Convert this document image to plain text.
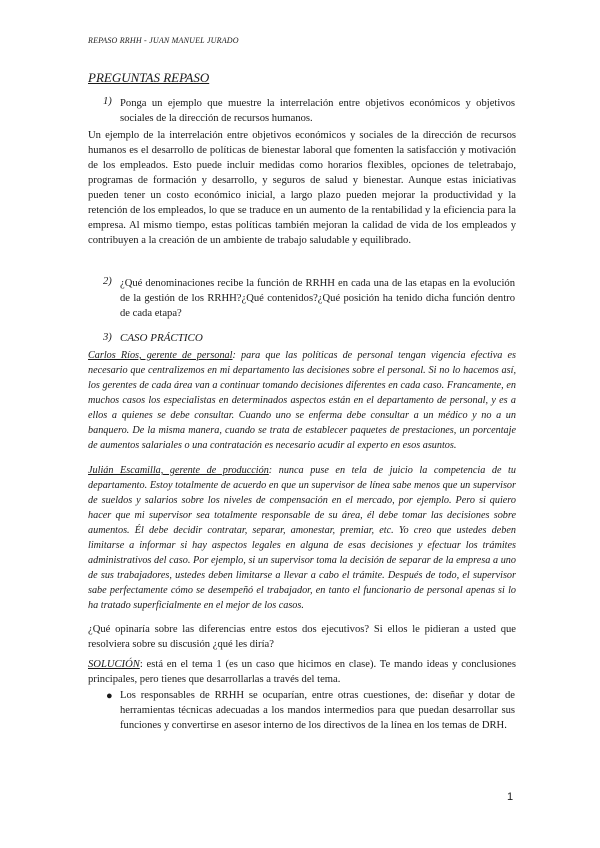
REPASO RRHH - JUAN MANUEL JURADO
PREGUNTAS REPASO
1) Ponga un ejemplo que muestre la interrelación entre objetivos económicos y objetivos sociales de la dirección de recursos humanos.
Un ejemplo de la interrelación entre objetivos económicos y sociales de la dirección de recursos humanos es el desarrollo de políticas de bienestar laboral que fomenten la satisfacción y motivación de los empleados. Esto puede incluir medidas como horarios flexibles, opciones de teletrabajo, programas de formación y desarrollo, y seguros de salud y bienestar. Aunque estas iniciativas pueden tener un costo económico inicial, a largo plazo pueden mejorar la productividad y la retención de los empleados, lo que se traduce en un aumento de la rentabilidad y la eficiencia para la empresa. Al mismo tiempo, estas políticas también mejoran la calidad de vida de los empleados y contribuyen a la creación de un ambiente de trabajo saludable y equilibrado.
2) ¿Qué denominaciones recibe la función de RRHH en cada una de las etapas en la evolución de la gestión de los RRHH?¿Qué contenidos?¿Qué posición ha tenido dicha función dentro de cada etapa?
3) CASO PRÁCTICO
Carlos Ríos, gerente de personal: para que las políticas de personal tengan vigencia efectiva es necesario que centralizemos en mi departamento las decisiones sobre el personal. Si no lo hacemos así, los gerentes de cada área van a continuar tomando decisiones diferentes en cada caso. Francamente, en muchos casos los especialistas en determinados aspectos están en el departamento de personal, y es a ellos a quienes se debe consultar. Cuando uno se enferma debe consultar a un médico y no a un banquero. De la misma manera, cuando se trata de establecer paquetes de prestaciones, un porcentaje de aumentos salariales o una contratación es necesario acudir al experto en esos asuntos.
Julián Escamilla, gerente de producción: nunca puse en tela de juicio la competencia de tu departamento. Estoy totalmente de acuerdo en que un supervisor de línea sabe menos que un supervisor de sueldos y salarios sobre los niveles de compensación en el mercado, por ejemplo. Pero si quiero hacer que mi supervisor sea totalmente responsable de su área, él debe tomar las decisiones sobre aumentos. Él debe decidir contratar, separar, amonestar, premiar, etc. Yo creo que ustedes deben limitarse a informar si hay aspectos legales en alguna de esas decisiones y efectuar los trámites administrativos del caso. Por ejemplo, si un supervisor toma la decisión de separar de la empresa a uno de sus trabajadores, ustedes deben limitarse a llevar a cabo el trámite. Después de todo, el supervisor sabe perfectamente cómo se desempeñó el trabajador, en tanto el funcionario de personal apenas si lo ha tratado superficialmente en el mejor de los casos.
¿Qué opinaría sobre las diferencias entre estos dos ejecutivos? Si ellos le pidieran a usted que resolviera sobre su discusión ¿qué les diría?
SOLUCIÓN: está en el tema 1 (es un caso que hicimos en clase). Te mando ideas y conclusiones principales, pero tienes que desarrollarlas a través del tema.
● Los responsables de RRHH se ocuparían, entre otras cuestiones, de: diseñar y dotar de herramientas técnicas adecuadas a los mandos intermedios para que puedan desarrollar sus funciones y convertirse en asesor interno de los directivos de la línea en los temas de DRH.
1
